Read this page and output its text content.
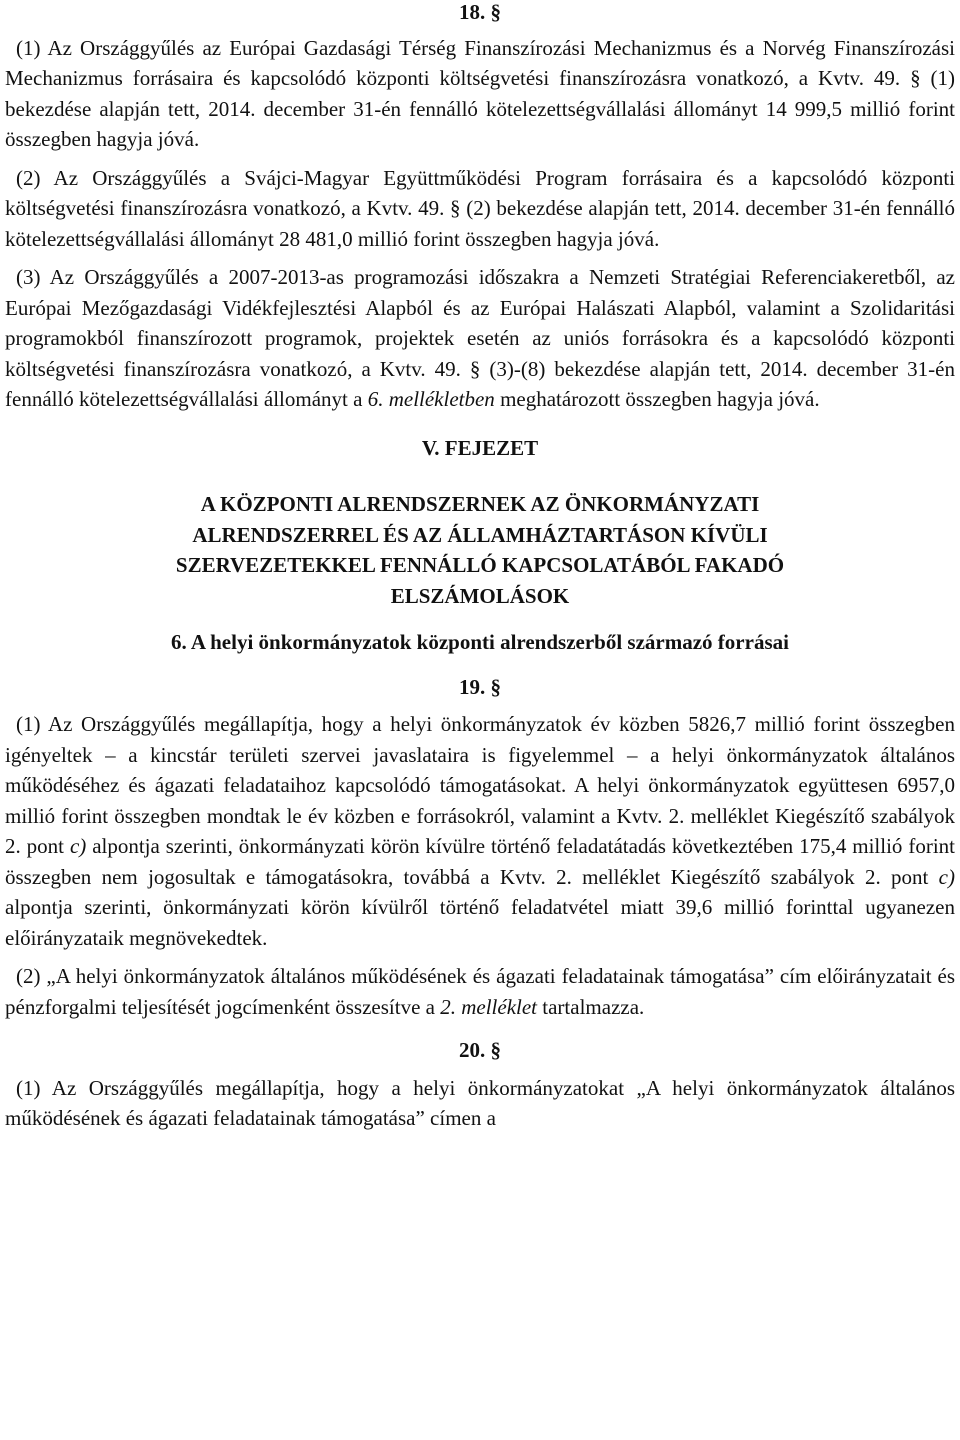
18. §

(1) Az Országgyűlés az Európai Gazdasági Térség Finanszírozási Mechanizmus és a Norvég Finanszírozási Mechanizmus forrásaira és kapcsolódó központi költségvetési finanszírozásra vonatkozó, a Kvtv. 49. § (1) bekezdése alapján tett, 2014. december 31-én fennálló kötelezettségvállalási állományt 14 999,5 millió forint összegben hagyja jóvá.

(2) Az Országgyűlés a Svájci-Magyar Együttműködési Program forrásaira és a kapcsolódó központi költségvetési finanszírozásra vonatkozó, a Kvtv. 49. § (2) bekezdése alapján tett, 2014. december 31-én fennálló kötelezettségvállalási állományt 28 481,0 millió forint összegben hagyja jóvá.

(3) Az Országgyűlés a 2007-2013-as programozási időszakra a Nemzeti Stratégiai Referenciakeretből, az Európai Mezőgazdasági Vidékfejlesztési Alapból és az Európai Halászati Alapból, valamint a Szolidaritási programokból finanszírozott programok, projektek esetén az uniós forrásokra és a kapcsolódó központi költségvetési finanszírozásra vonatkozó, a Kvtv. 49. § (3)-(8) bekezdése alapján tett, 2014. december 31-én fennálló kötelezettségvállalási állományt a 6. mellékletben meghatározott összegben hagyja jóvá.

V. FEJEZET

A KÖZPONTI ALRENDSZERNEK AZ ÖNKORMÁNYZATI
ALRENDSZERREL ÉS AZ ÁLLAMHÁZTARTÁSON KÍVÜLI
SZERVEZETEKKEL FENNÁLLÓ KAPCSOLATÁBÓL FAKADÓ
ELSZÁMOLÁSOK

6. A helyi önkormányzatok központi alrendszerből származó forrásai

19. §

(1) Az Országgyűlés megállapítja, hogy a helyi önkormányzatok év közben 5826,7 millió forint összegben igényeltek – a kincstár területi szervei javaslataira is figyelemmel – a helyi önkormányzatok általános működéséhez és ágazati feladataihoz kapcsolódó támogatásokat. A helyi önkormányzatok együttesen 6957,0 millió forint összegben mondtak le év közben e forrásokról, valamint a Kvtv. 2. melléklet Kiegészítő szabályok 2. pont c) alpontja szerinti, önkormányzati körön kívülre történő feladatátadás következtében 175,4 millió forint összegben nem jogosultak e támogatásokra, továbbá a Kvtv. 2. melléklet Kiegészítő szabályok 2. pont c) alpontja szerinti, önkormányzati körön kívülről történő feladatvétel miatt 39,6 millió forinttal ugyanezen előirányzataik megnövekedtek.

(2) „A helyi önkormányzatok általános működésének és ágazati feladatainak támogatása” cím előirányzatait és pénzforgalmi teljesítését jogcímenként összesítve a 2. melléklet tartalmazza.

20. §

(1) Az Országgyűlés megállapítja, hogy a helyi önkormányzatokat „A helyi önkormányzatok általános működésének és ágazati feladatainak támogatása” címen a
